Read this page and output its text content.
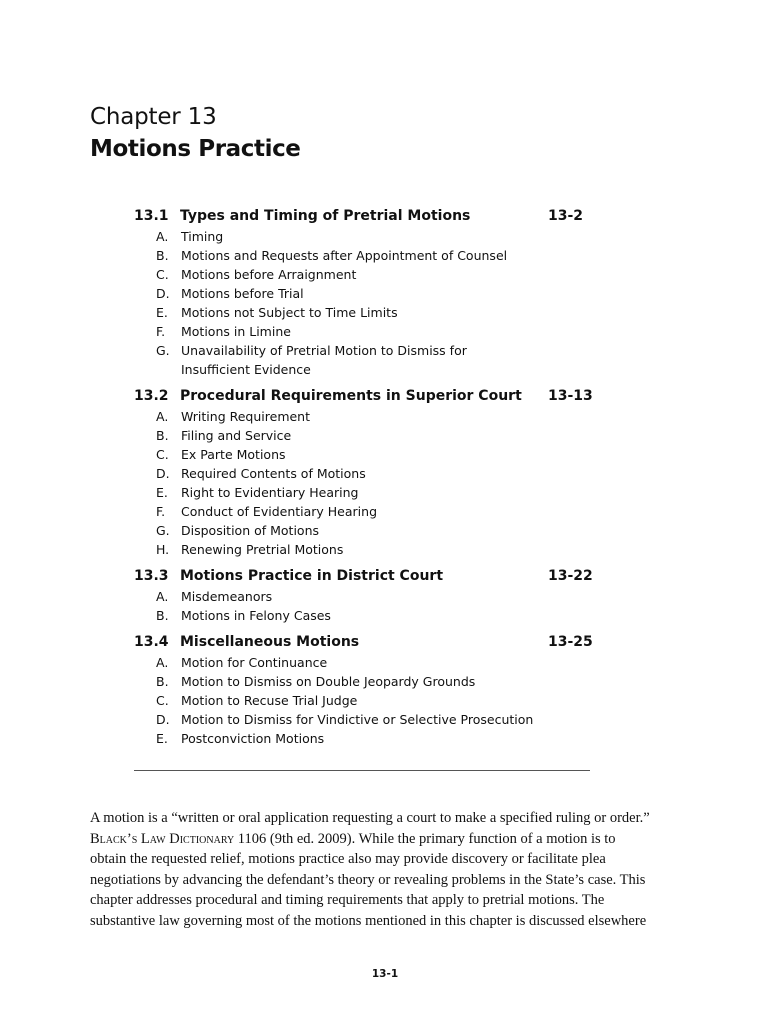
Chapter 13
Motions Practice
13.1 Types and Timing of Pretrial Motions	13-2
A. Timing
B. Motions and Requests after Appointment of Counsel
C. Motions before Arraignment
D. Motions before Trial
E. Motions not Subject to Time Limits
F. Motions in Limine
G. Unavailability of Pretrial Motion to Dismiss for
Insufficient Evidence
13.2 Procedural Requirements in Superior Court 13-13
A. Writing Requirement
B. Filing and Service
C. Ex Parte Motions
D. Required Contents of Motions
E. Right to Evidentiary Hearing
F. Conduct of Evidentiary Hearing
G. Disposition of Motions
H. Renewing Pretrial Motions
13.3 Motions Practice in District Court	13-22
A. Misdemeanors
B. Motions in Felony Cases
13.4 Miscellaneous Motions	13-25
A. Motion for Continuance
B. Motion to Dismiss on Double Jeopardy Grounds
C. Motion to Recuse Trial Judge
D. Motion to Dismiss for Vindictive or Selective Prosecution
E. Postconviction Motions
A motion is a “written or oral application requesting a court to make a specified ruling or order.”
Black’s Law Dictionary 1106 (9th ed. 2009). While the primary function of a motion is to
obtain the requested relief, motions practice also may provide discovery or facilitate plea
negotiations by advancing the defendant’s theory or revealing problems in the State’s case. This
chapter addresses procedural and timing requirements that apply to pretrial motions. The
substantive law governing most of the motions mentioned in this chapter is discussed elsewhere
13-1
